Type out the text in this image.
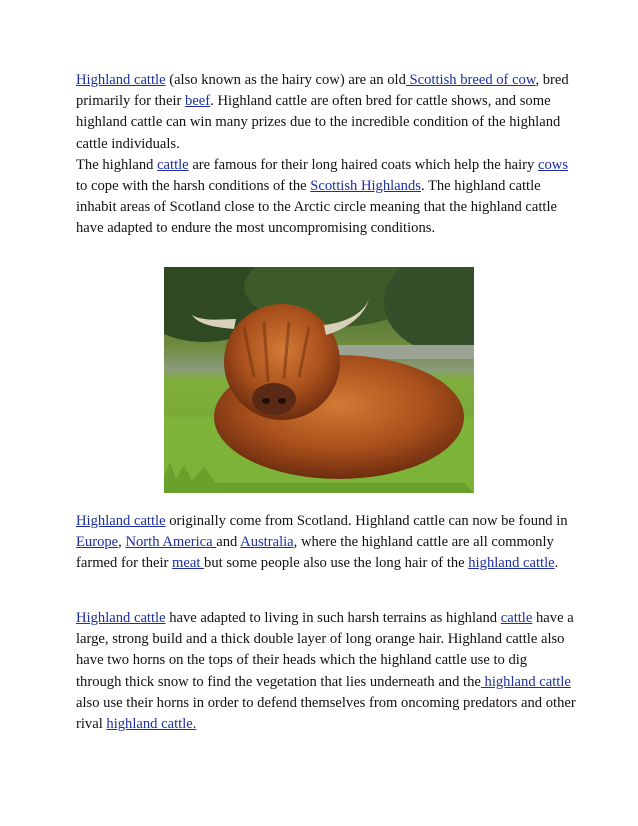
Highland cattle (also known as the hairy cow) are an old Scottish breed of cow, bred primarily for their beef. Highland cattle are often bred for cattle shows, and some highland cattle can win many prizes due to the incredible condition of the highland cattle individuals.
The highland cattle are famous for their long haired coats which help the hairy cows to cope with the harsh conditions of the Scottish Highlands. The highland cattle inhabit areas of Scotland close to the Arctic circle meaning that the highland cattle have adapted to endure the most uncompromising conditions.

Highland cattle originally come from Scotland. Highland cattle can now be found in Europe, North America and Australia, where the highland cattle are all commonly farmed for their meat but some people also use the long hair of the highland cattle.

Highland cattle have adapted to living in such harsh terrains as highland cattle have a large, strong build and a thick double layer of long orange hair. Highland cattle also have two horns on the tops of their heads which the highland cattle use to dig through thick snow to find the vegetation that lies underneath and the highland cattle also use their horns in order to defend themselves from oncoming predators and other rival highland cattle.
